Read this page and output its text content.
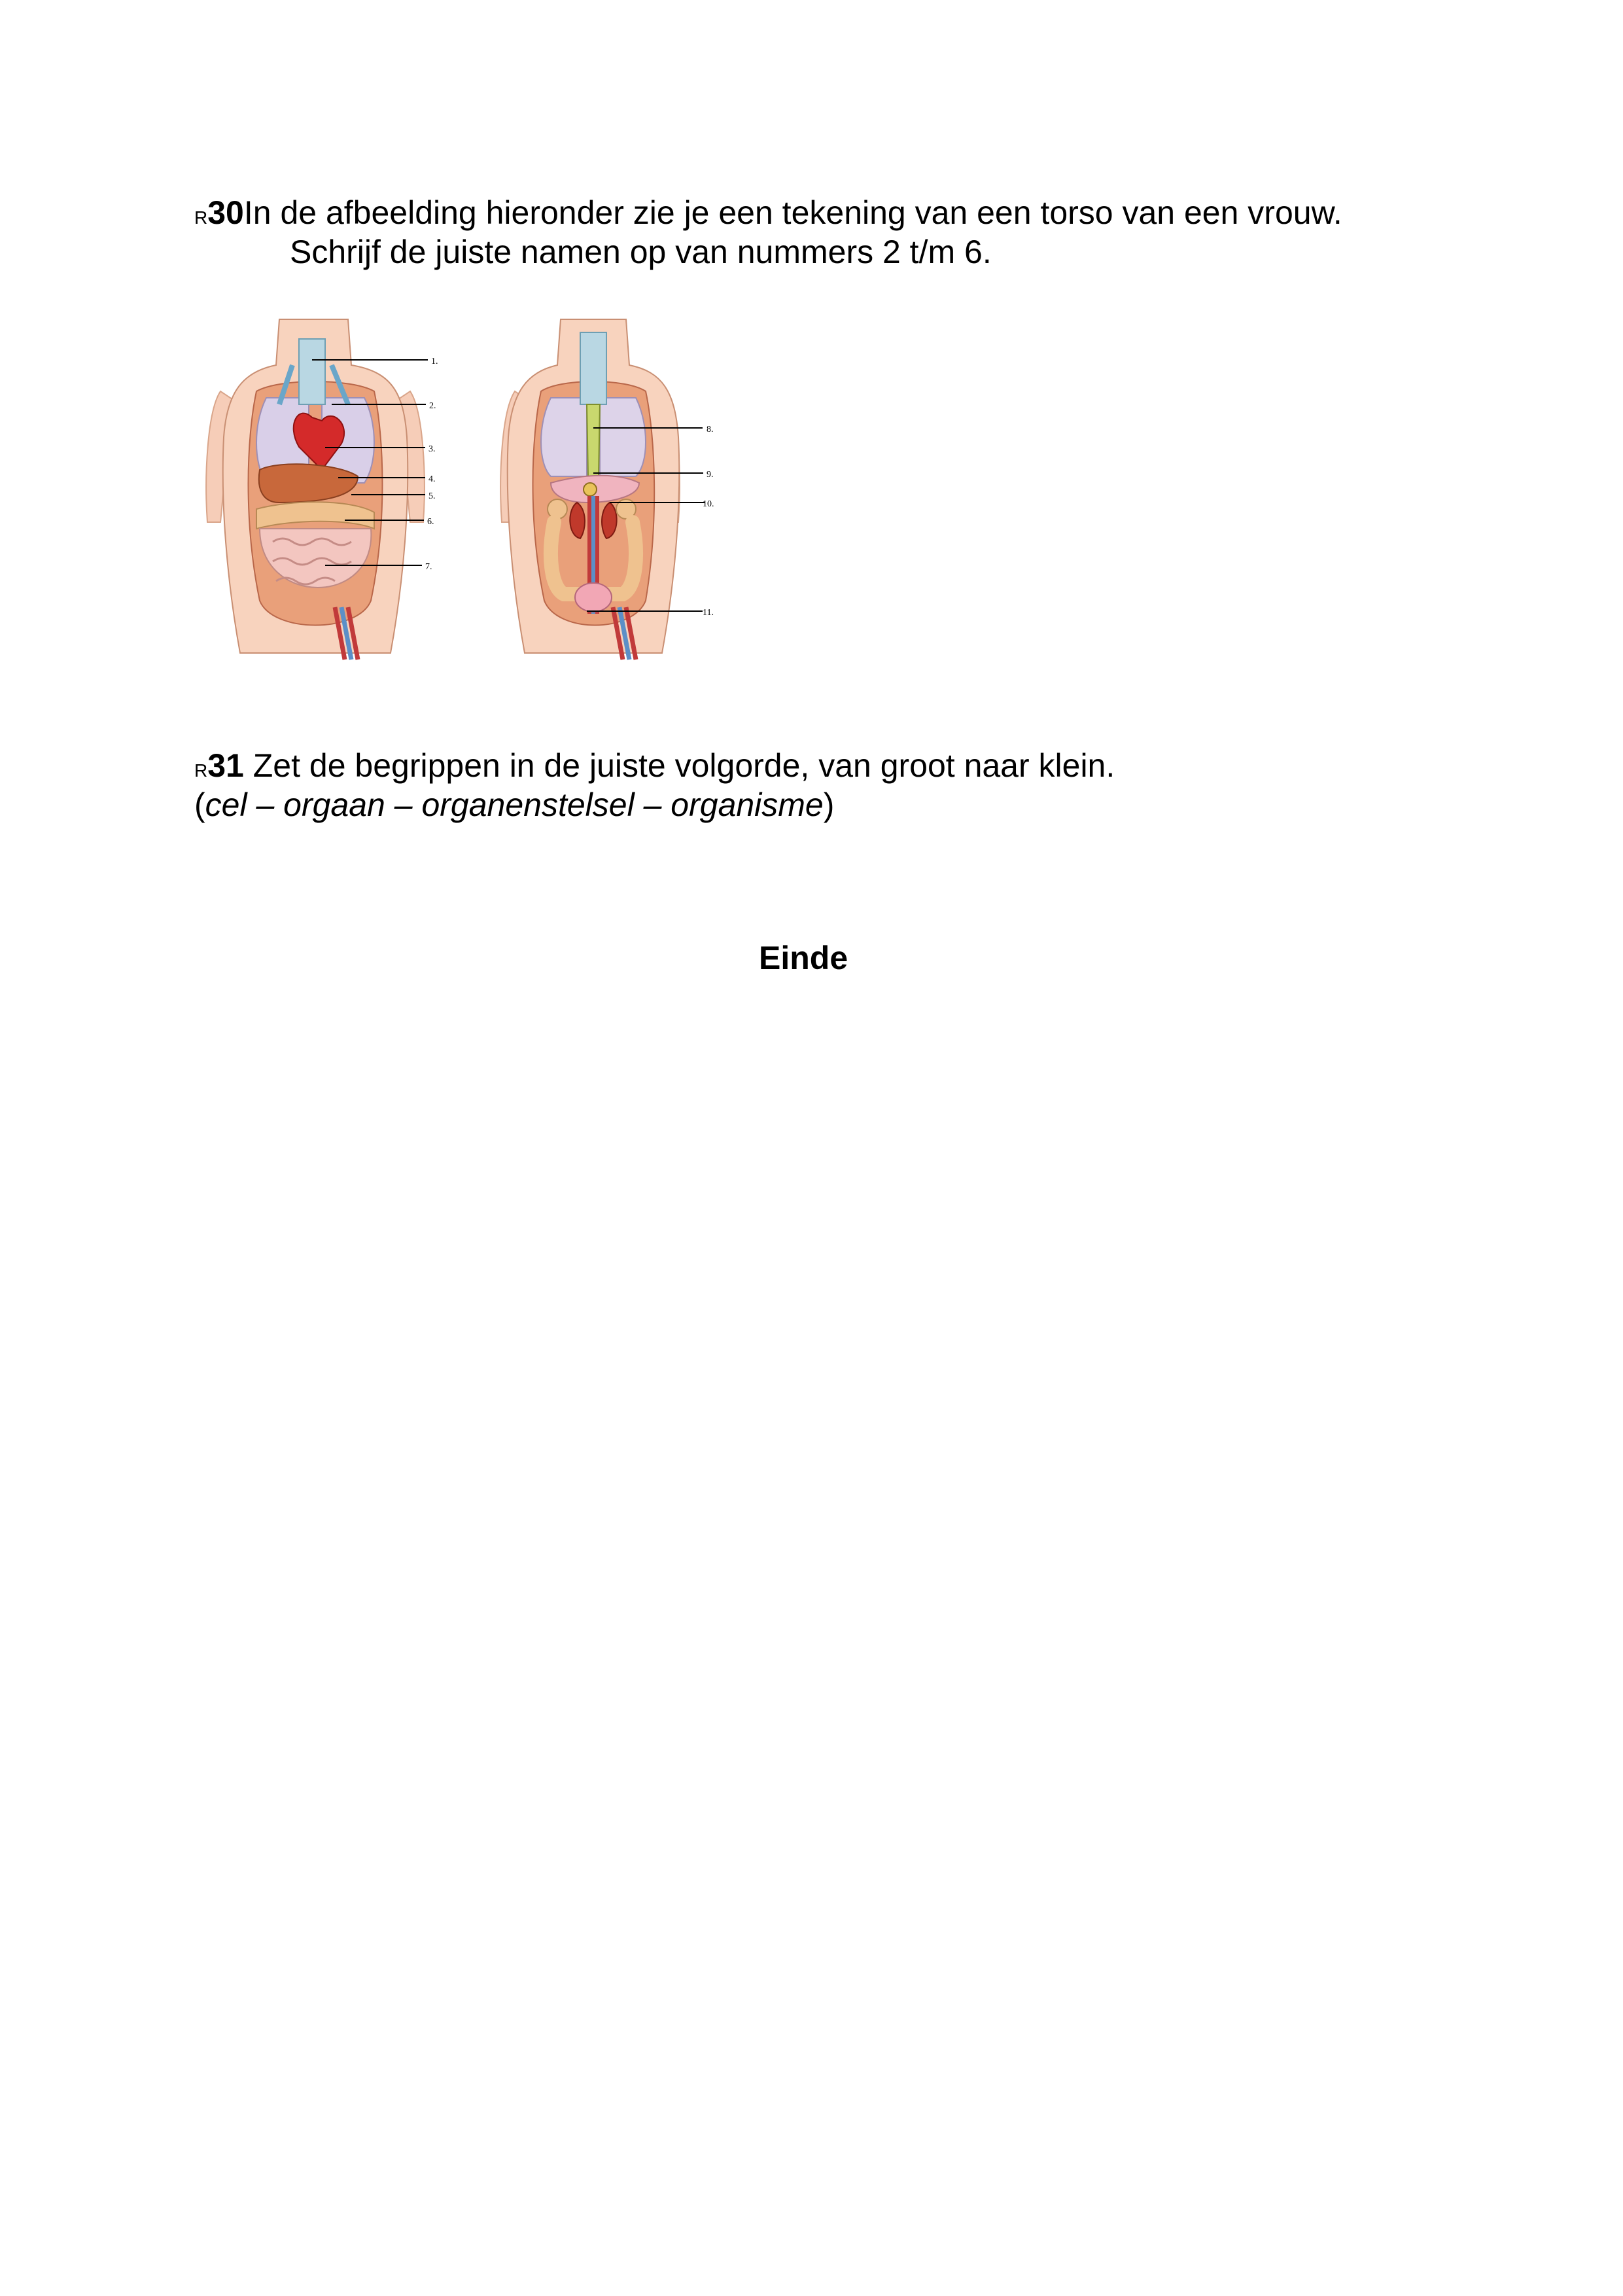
R30In de afbeelding hieronder zie je een tekening van een torso van een vrouw.
Schrijf de juiste namen op van nummers 2 t/m 6.
1.
2.
3.
4.
5.
6.
7.
8.
9.
10.
11.
R31 Zet de begrippen in de juiste volgorde, van groot naar klein.
(cel – orgaan – organenstelsel – organisme)
Einde
